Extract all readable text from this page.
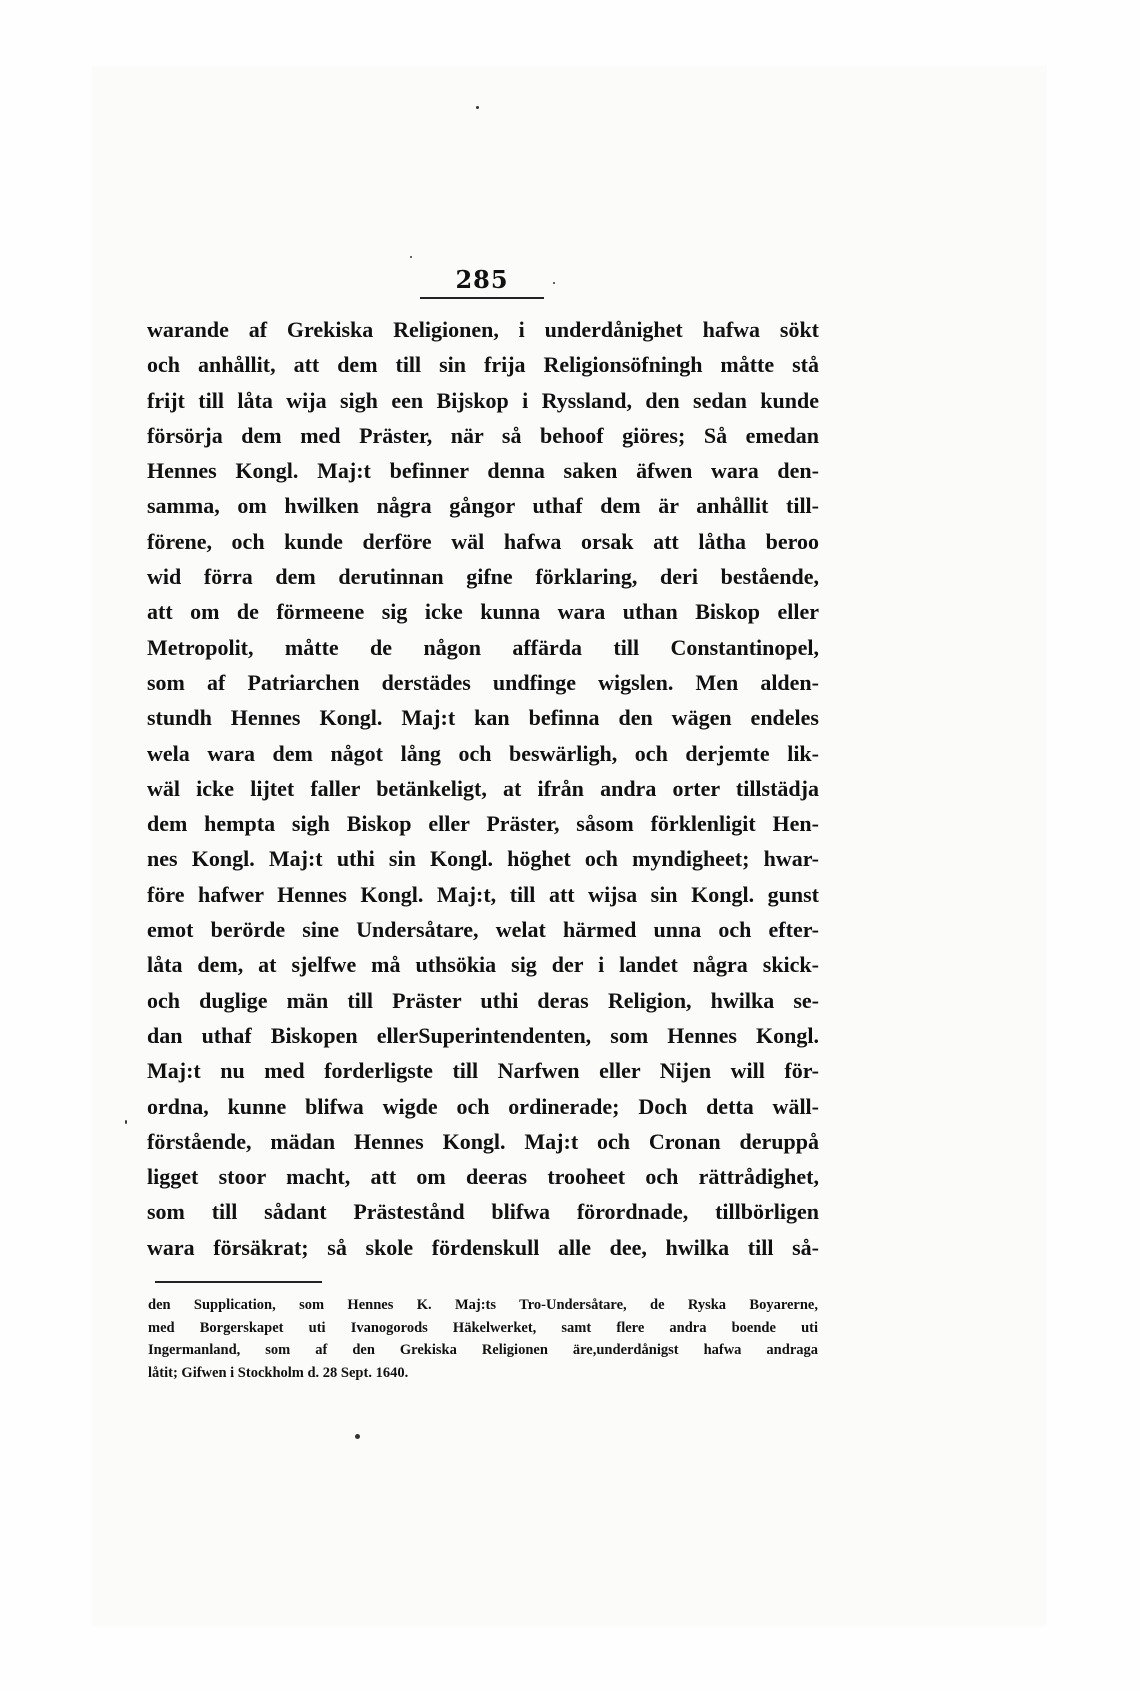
285
warande af Grekiska Religionen, i underdånighet hafwa sökt
och anhållit, att dem till sin frija Religionsöfningh måtte stå
frijt till låta wija sigh een Bijskop i Ryssland, den sedan kunde
försörja dem med Präster, när så behoof giöres; Så emedan
Hennes Kongl. Maj:t befinner denna saken äfwen wara den-
samma, om hwilken några gångor uthaf dem är anhållit till-
förene, och kunde derföre wäl hafwa orsak att låtha beroo
wid förra dem derutinnan gifne förklaring, deri bestående,
att om de förmeene sig icke kunna wara uthan Biskop eller
Metropolit, måtte de någon affärda till Constantinopel,
som af Patriarchen derstädes undfinge wigslen. Men alden-
stundh Hennes Kongl. Maj:t kan befinna den wägen endeles
wela wara dem något lång och beswärligh, och derjemte lik-
wäl icke lijtet faller betänkeligt, at ifrån andra orter tillstädja
dem hempta sigh Biskop eller Präster, såsom förklenligit Hen-
nes Kongl. Maj:t uthi sin Kongl. höghet och myndigheet; hwar-
före hafwer Hennes Kongl. Maj:t, till att wijsa sin Kongl. gunst
emot berörde sine Undersåtare, welat härmed unna och efter-
låta dem, at sjelfwe må uthsökia sig der i landet några skick-
och duglige män till Präster uthi deras Religion, hwilka se-
dan uthaf Biskopen ellerSuperintendenten, som Hennes Kongl.
Maj:t nu med forderligste till Narfwen eller Nijen will för-
ordna, kunne blifwa wigde och ordinerade; Doch detta wäll-
förstående, mädan Hennes Kongl. Maj:t och Cronan deruppå
ligget stoor macht, att om deeras trooheet och rättrådighet,
som till sådant Prästestånd blifwa förordnade, tillbörligen
wara försäkrat; så skole fördenskull alle dee, hwilka till så-
den Supplication, som Hennes K. Maj:ts Tro-Undersåtare, de Ryska Boyarerne,
med Borgerskapet uti Ivanogorods Häkelwerket, samt flere andra boende uti
Ingermanland, som af den Grekiska Religionen äre,underdånigst hafwa andraga
låtit; Gifwen i Stockholm d. 28 Sept. 1640.
